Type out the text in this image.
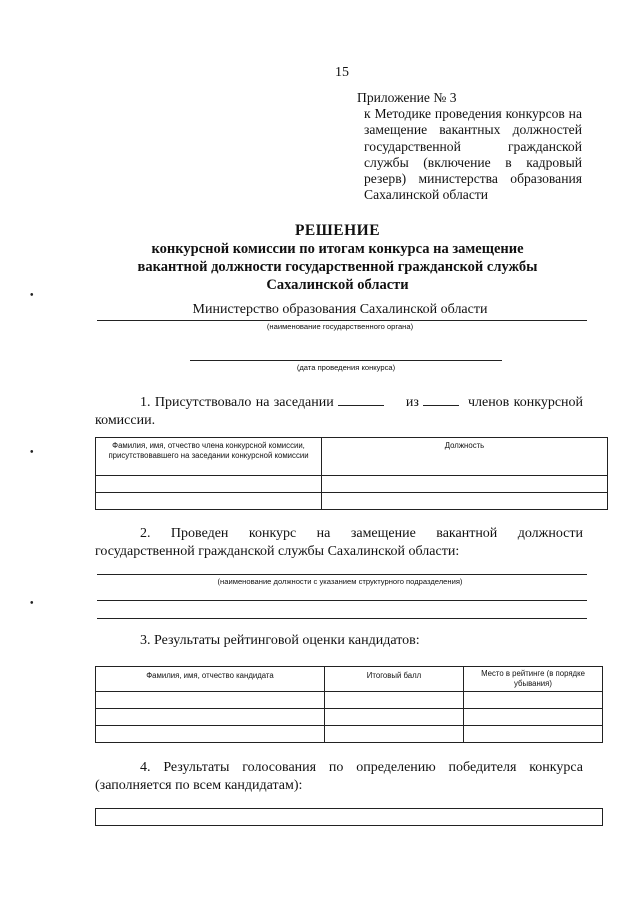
15
Приложение № 3
к Методике проведения конкурсов на замещение вакантных должностей государственной гражданской службы (включение в кадровый резерв) министерства образования Сахалинской области
РЕШЕНИЕ
конкурсной комиссии по итогам конкурса на замещение
вакантной должности государственной гражданской службы
Сахалинской области
•
•
•
Министерство образования Сахалинской области
(наименование государственного органа)
(дата проведения конкурса)
1. Присутствовало на заседании	из	членов конкурсной комиссии.
Фамилия, имя, отчество члена конкурсной комиссии, присутствовавшего на заседании конкурсной комиссии	Должность

2. Проведен конкурс на замещение вакантной должности государственной гражданской службы Сахалинской области:
(наименование должности с указанием структурного подразделения)
3. Результаты рейтинговой оценки кандидатов:
Фамилия, имя, отчество кандидата	Итоговый балл	Место в рейтинге (в порядке убывания)

4. Результаты голосования по определению победителя конкурса (заполняется по всем кандидатам):
